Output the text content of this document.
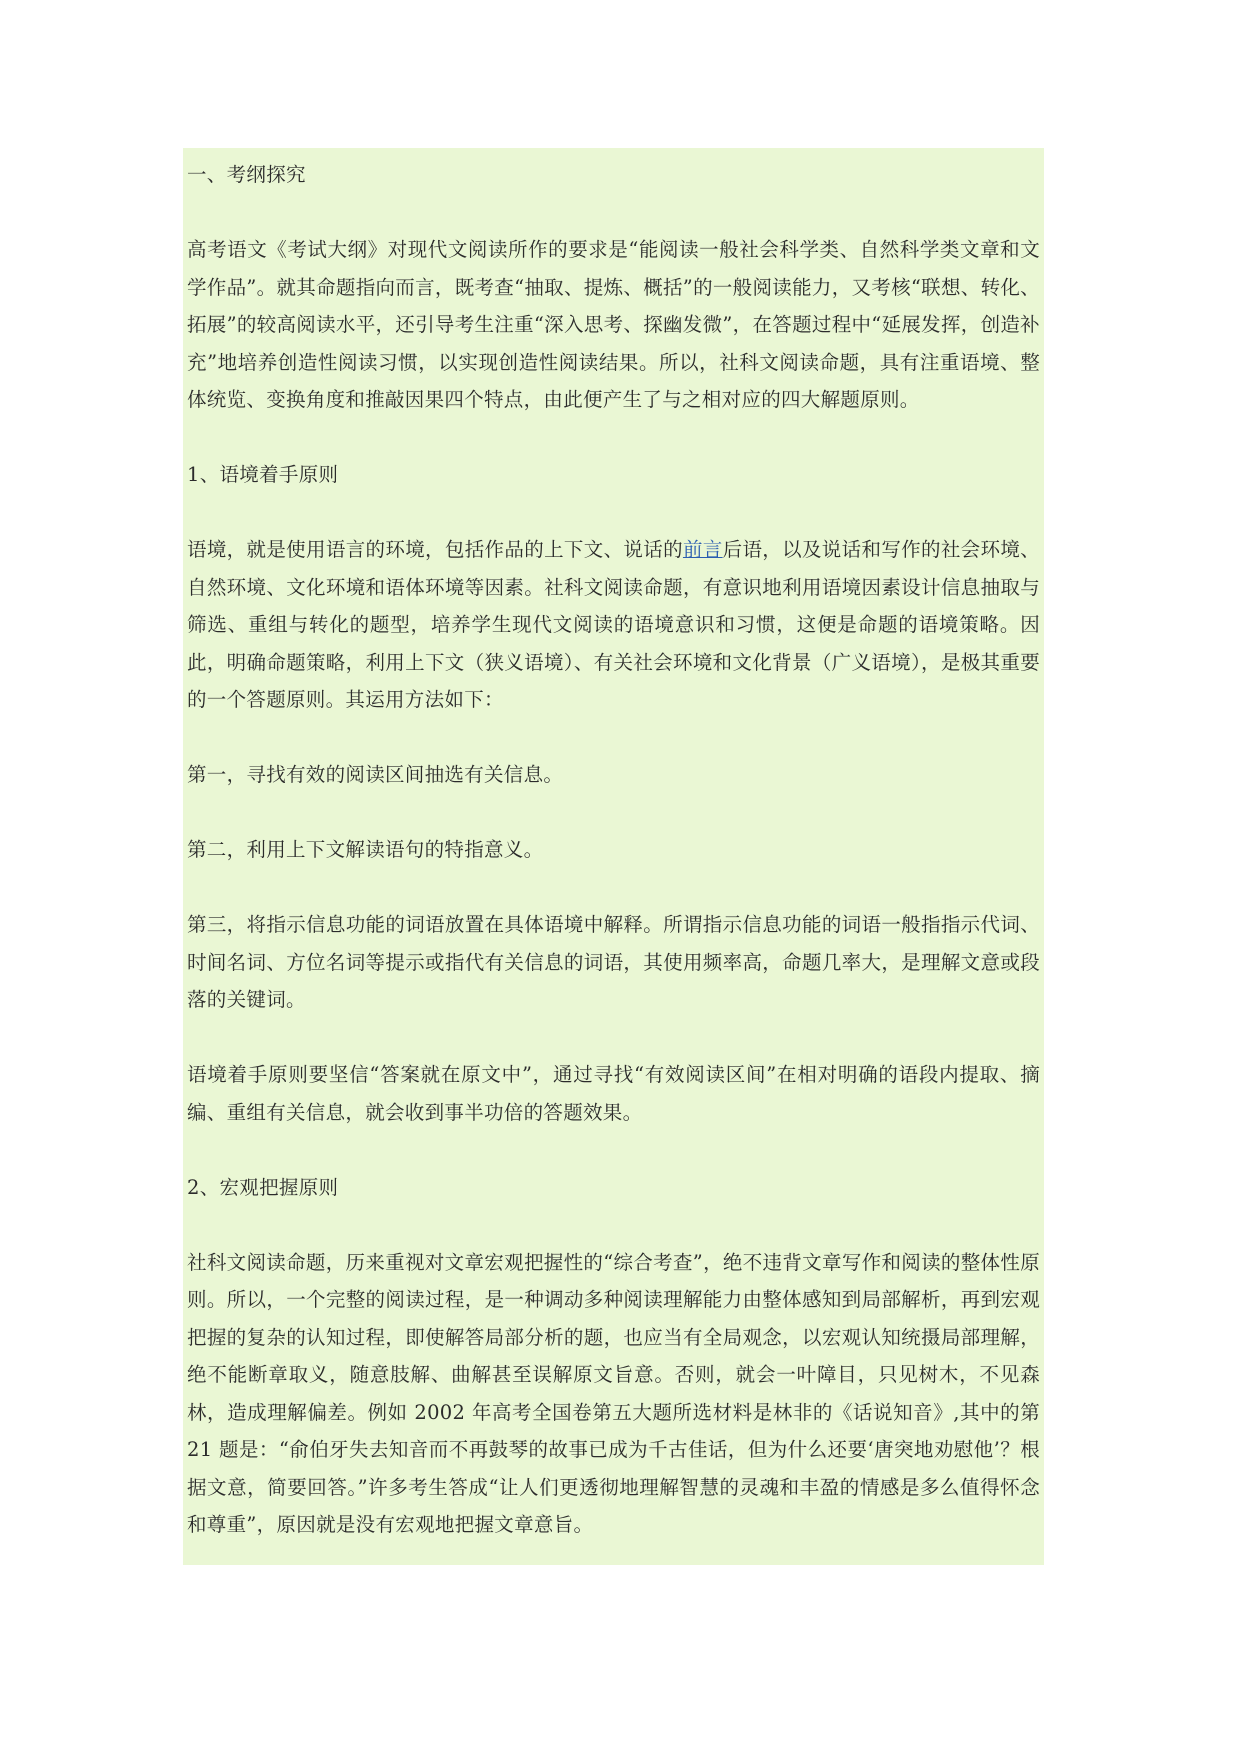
一、考纲探究

高考语文《考试大纲》对现代文阅读所作的要求是“能阅读一般社会科学类、自然科学类文章和文学作品”。就其命题指向而言，既考查“抽取、提炼、概括”的一般阅读能力，又考核“联想、转化、拓展”的较高阅读水平，还引导考生注重“深入思考、探幽发微”，在答题过程中“延展发挥，创造补充”地培养创造性阅读习惯，以实现创造性阅读结果。所以，社科文阅读命题，具有注重语境、整体统览、变换角度和推敲因果四个特点，由此便产生了与之相对应的四大解题原则。

1、语境着手原则

语境，就是使用语言的环境，包括作品的上下文、说话的前言后语，以及说话和写作的社会环境、自然环境、文化环境和语体环境等因素。社科文阅读命题，有意识地利用语境因素设计信息抽取与筛选、重组与转化的题型，培养学生现代文阅读的语境意识和习惯，这便是命题的语境策略。因此，明确命题策略，利用上下文（狭义语境）、有关社会环境和文化背景（广义语境），是极其重要的一个答题原则。其运用方法如下：

第一，寻找有效的阅读区间抽选有关信息。

第二，利用上下文解读语句的特指意义。

第三，将指示信息功能的词语放置在具体语境中解释。所谓指示信息功能的词语一般指指示代词、时间名词、方位名词等提示或指代有关信息的词语，其使用频率高，命题几率大，是理解文意或段落的关键词。

语境着手原则要坚信“答案就在原文中”，通过寻找“有效阅读区间”在相对明确的语段内提取、摘编、重组有关信息，就会收到事半功倍的答题效果。

2、宏观把握原则

社科文阅读命题，历来重视对文章宏观把握性的“综合考查”，绝不违背文章写作和阅读的整体性原则。所以，一个完整的阅读过程，是一种调动多种阅读理解能力由整体感知到局部解析，再到宏观把握的复杂的认知过程，即使解答局部分析的题，也应当有全局观念，以宏观认知统摄局部理解，绝不能断章取义，随意肢解、曲解甚至误解原文旨意。否则，就会一叶障目，只见树木，不见森林，造成理解偏差。例如 2002 年高考全国卷第五大题所选材料是林非的《话说知音》,其中的第 21 题是：“俞伯牙失去知音而不再鼓琴的故事已成为千古佳话，但为什么还要‘唐突地劝慰他’？根据文意，简要回答。”许多考生答成“让人们更透彻地理解智慧的灵魂和丰盈的情感是多么值得怀念和尊重”，原因就是没有宏观地把握文章意旨。
